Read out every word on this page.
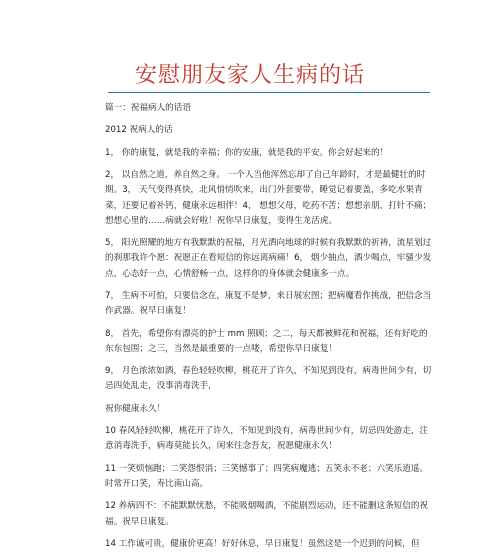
安慰朋友家人生病的话

篇一：祝福病人的话语

2012 祝病人的话

1， 你的康复，就是我的幸福；你的安康，就是我的平安。你会好起来的！

2， 以自然之道，养自然之身。 一个人当他浑然忘却了自己年龄时，才是最健壮的时期。3， 天气变得真快，北风悄悄吹来，出门外套要带，睡觉记着要盖，多吃水果青菜，还要记着补钙，健康永远相伴！4， 想想父母，吃药不苦；想想亲朋，打针不痛；想想心里的……病就会好啦！祝你早日康复，变得生龙活虎。

5， 阳光照耀的地方有我默默的祝福，月光洒向地球的时候有我默默的祈祷，流星划过的刹那我许个愿：祝愿正在看短信的你远离病痛！6， 烟少抽点，酒少喝点，牢骚少发点，心态好一点，心情舒畅一点，这样你的身体就会健康多一点。

7， 生病不可怕，只要信念在，康复不是梦，来日展宏图；把病魔看作挑战，把信念当作武器。祝早日康复！

8， 首先，希望你有漂亮的护士 mm 照顾；之二，每天都被鲜花和祝福，还有好吃的东东包围；之三，当然是最重要的一点喽，希望你早日康复！

9， 月色浓浓如酒，春色轻轻吹柳，桃花开了许久，不知见到没有，病毒世间少有，切忌四处乱走，没事消毒洗手，

祝你健康永久！

10 春风轻轻吹柳，桃花开了许久，不知见到没有，病毒世间少有，切忌四处游走，注意消毒洗手，病毒莫能长久，闲来往念吾友，祝愿健康永久！

11 一笑烦恼跑；二笑怨恨消；三笑憾事了；四笑病魔逃；五笑永不老；六笑乐逍遥。时常开口笑，寿比南山高。

12 养病四不：不能默默忧愁，不能吸烟喝酒，不能剧烈运动，还不能删这条短信的祝福。祝早日康复。

14 工作诚可贵，健康价更高！好好休息，早日康复！虽然这是一个迟到的问候，但
